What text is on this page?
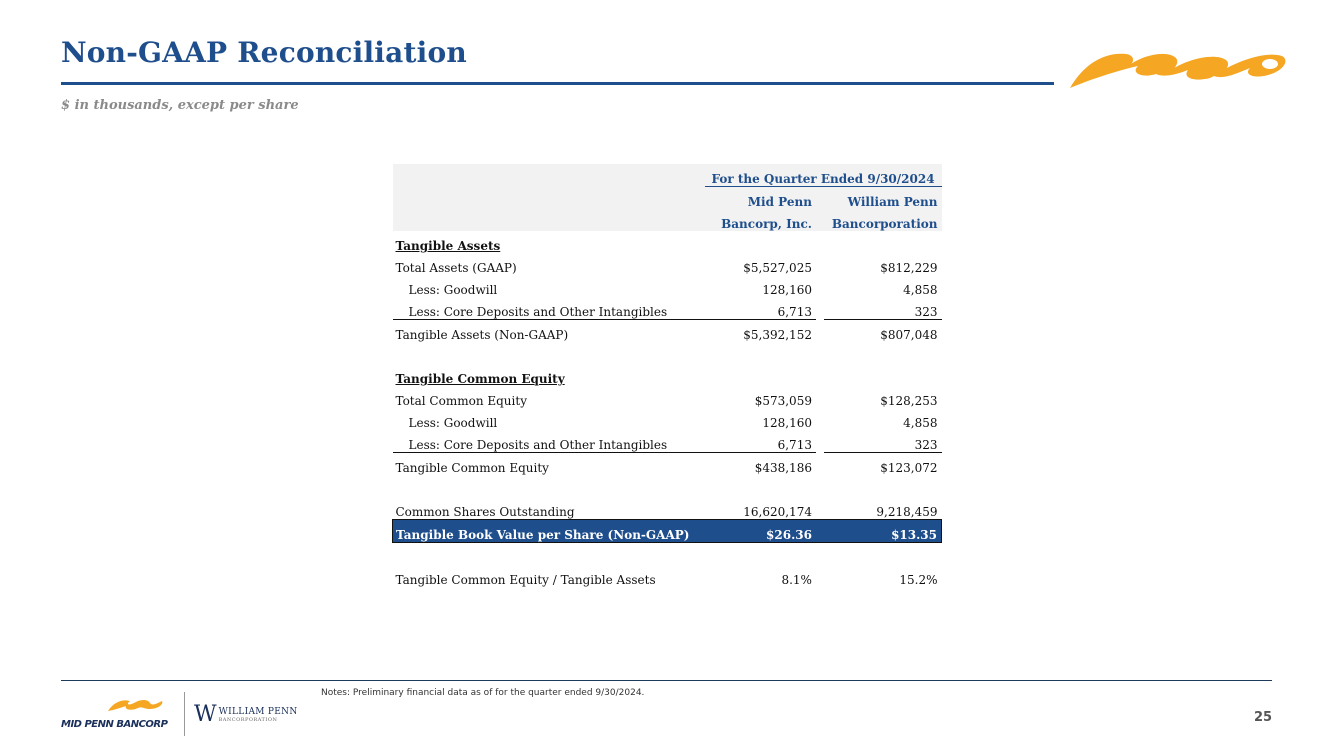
Non-GAAP Reconciliation
$ in thousands, except per share
	For the Quarter Ended 9/30/2024		
	Mid Penn		William Penn
	Bancorp, Inc.		Bancorporation
Tangible Assets			
Total Assets (GAAP)	$5,527,025		$812,229
Less: Goodwill	128,160		4,858
Less: Core Deposits and Other Intangibles	6,713		323
Tangible Assets (Non-GAAP)	$5,392,152		$807,048

Tangible Common Equity			
Total Common Equity	$573,059		$128,253
Less: Goodwill	128,160		4,858
Less: Core Deposits and Other Intangibles	6,713		323
Tangible Common Equity	$438,186		$123,072

Common Shares Outstanding	16,620,174		9,218,459
Tangible Book Value per Share (Non-GAAP)	$26.36		$13.35

Tangible Common Equity / Tangible Assets	8.1%		15.2%
Notes: Preliminary financial data as of for the quarter ended 9/30/2024.
MID PENN BANCORP W WILLIAM PENN
BANCORPORATION	25
